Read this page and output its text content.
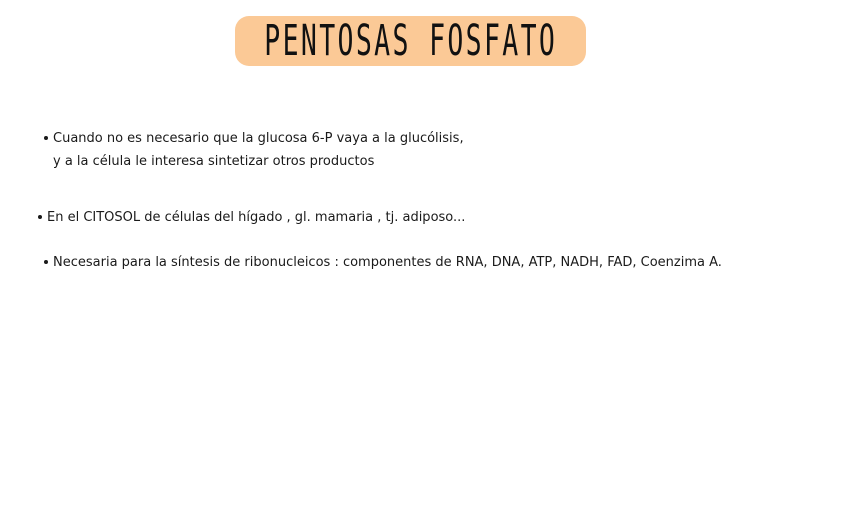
PENTOSAS FOSFATO
Cuando no es necesario que la glucosa 6-P vaya a la glucólisis,
y a la célula le interesa sintetizar otros productos
En el CITOSOL de células del hígado , gl. mamaria , tj. adiposo...
Necesaria para la síntesis de ribonucleicos : componentes de RNA, DNA, ATP, NADH, FAD, Coenzima A.
